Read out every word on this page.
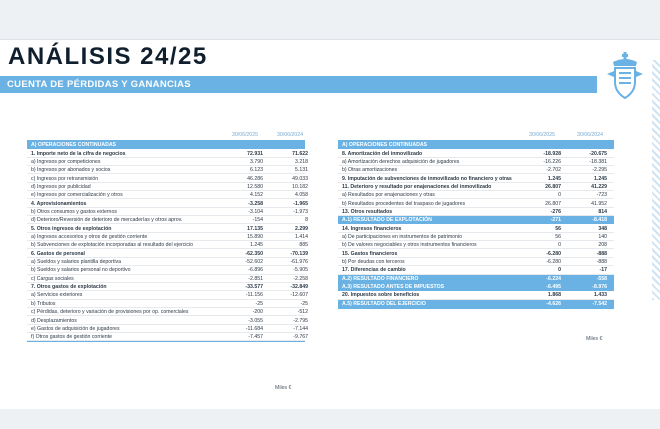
ANÁLISIS 24/25
CUENTA DE PÉRDIDAS Y GANANCIAS
30/06/2025	30/06/2024
A) OPERACIONES CONTINUADAS
1. Importe neto de la cifra de negocios	72.931	71.622
a) Ingresos por competiciones	3.790	3.218
b) Ingresos por abonados y socios	6.123	5.131
c) Ingresos por retransmisión	46.286	49.033
d) Ingresos por publicidad	12.580	10.182
e) Ingresos por comercialización y otros	4.152	4.058
4. Aprovisionamientos	-3.258	-1.965
b) Otros consumos y gastos externos	-3.104	-1.973
d) Deterioro/Reversión de deterioro de mercaderías y otros aprov.	-154	8
5. Otros ingresos de explotación	17.135	2.299
a) Ingresos accesorios y otros de gestión corriente	15.890	1.414
b) Subvenciones de explotación incorporadas al resultado del ejercicio	1.245	885
6. Gastos de personal	-62.350	-70.139
a) Sueldos y salarios plantilla deportiva	-52.602	-61.976
b) Sueldos y salarios personal no deportivo	-6.896	-5.905
c) Cargas sociales	-2.851	-2.258
7. Otros gastos de explotación	-33.577	-32.849
a) Servicios exteriores	-11.156	-12.607
b) Tributos	-25	-25
c) Pérdidas, deterioro y variación de provisiones por op. comerciales	-200	-512
d) Desplazamientos	-3.055	-2.795
e) Gastos de adquisición de jugadores	-11.684	-7.144
f) Otros gastos de gestión corriente	-7.457	-9.767
Miles €
30/06/2025	30/06/2024
A) OPERACIONES CONTINUADAS
8. Amortización del inmovilizado	-18.928	-20.675
a) Amortización derechos adquisición de jugadores	-16.226	-18.381
b) Otras amortizaciones	-2.702	-2.295
9. Imputación de subvenciones de inmovilizado no financiero y otras	1.245	1.245
11. Deterioro y resultado por enajenaciones del inmovilizado	26.807	41.229
a) Resultados por enajenaciones y otras	0	-723
b) Resultados procedentes del traspaso de jugadores	26.807	41.952
13. Otros resultados	-276	814
A.1) RESULTADO DE EXPLOTACIÓN	-271	-8.418
14. Ingresos financieros	56	348
a) De participaciones en instrumentos de patrimonio	56	140
b) De valores negociables y otros instrumentos financieros	0	208
15. Gastos financieros	-6.280	-888
b) Por deudas con terceros	-6.280	-888
17. Diferencias de cambio	0	-17
A.2) RESULTADO FINANCIERO	-6.224	-558
A.3) RESULTADO ANTES DE IMPUESTOS	-6.495	-8.976
20. Impuestos sobre beneficios	1.868	1.433
A.5) RESULTADO DEL EJERCICIO	-4.626	-7.542
Miles €
